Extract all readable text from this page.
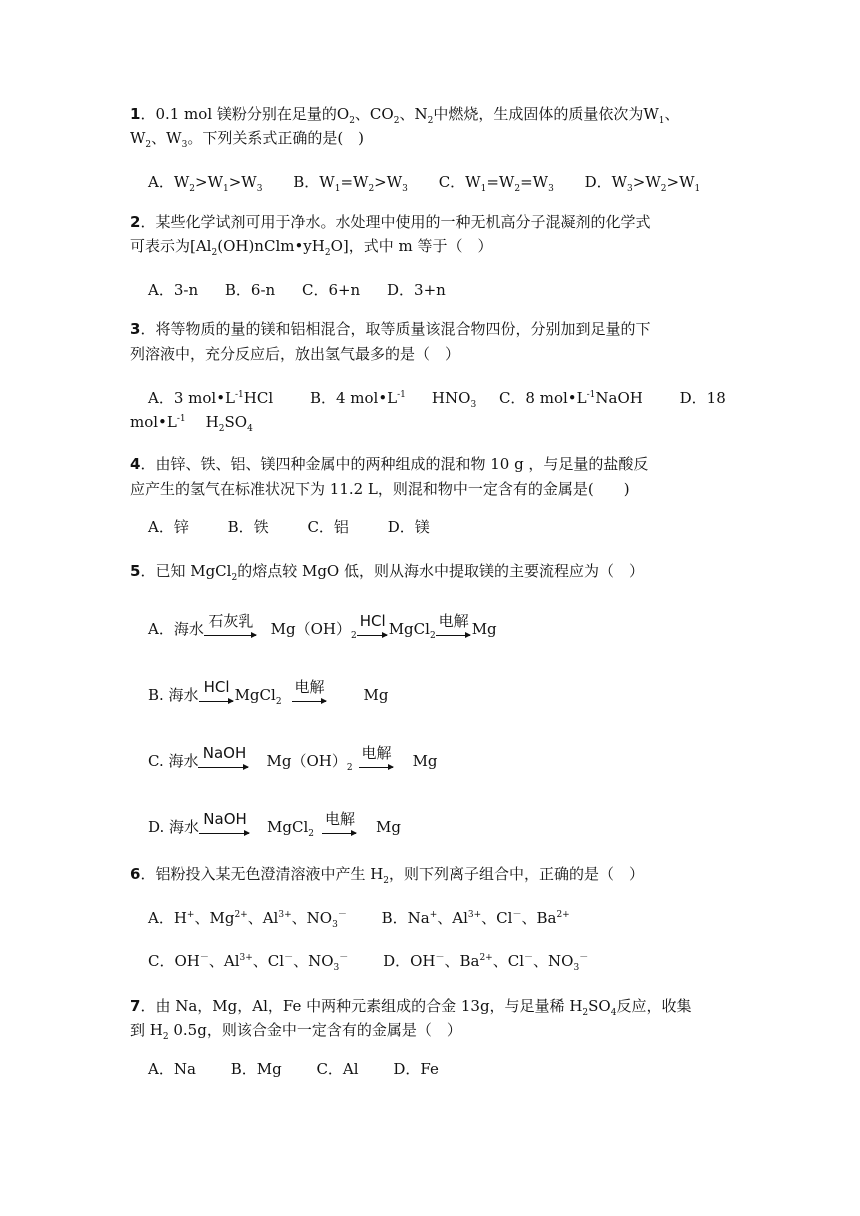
1．0.1 mol 镁粉分别在足量的$O_2$、$CO_2$、$N_2$中燃烧，生成固体的质量依次为$W_1$、
$W_2$、$W_3$。下列关系式正确的是(　)
A．$W_2>W_1>W_3$ B．$W_1=W_2>W_3$ C．$W_1=W_2=W_3$ D．$W_3>W_2>W_1$
2．某些化学试剂可用于净水。水处理中使用的一种无机高分子混凝剂的化学式
可表示为$[Al_2(OH)nClm•yH_2O]$，式中 m 等于（　）
A．3-n B．6-n C．6+n D．3+n
3．将等物质的量的镁和铝相混合，取等质量该混合物四份，分别加到足量的下
列溶液中，充分反应后，放出氢气最多的是（　）
A．3 $mol•L^{-1}HCl$ B．4 $mol•L^{-1}$ $HNO_3$ C．8 $mol•L^{-1}NaOH$ D．18
$mol•L^{-1}$ $H_2SO_4$
4．由锌、铁、铝、镁四种金属中的两种组成的混和物 10 g ，与足量的盐酸反
应产生的氢气在标准状况下为 11.2 L，则混和物中一定含有的金属是(　　)
A．锌	B．铁	C．铝	D．镁
5．已知 MgCl$_2$的熔点较 MgO 低，则从海水中提取镁的主要流程应为（　）
A．海水 石灰乳	$Mg(OH)_2$
HCl MgCl$_2$
电解 Mg
B. 海水 HCl MgCl$_2$
电解	Mg
C. 海水 NaOH $Mg(OH)_2$
电解 Mg
D. 海水 NaOH MgCl$_2$
电解 Mg
6．铝粉投入某无色澄清溶液中产生 $H_2$，则下列离子组合中，正确的是（　）
A．H+、$Mg^{2+}$、$Al^{3+}$、$NO_3^-$ B．Na+、$Al^{3+}$、Cl－、$Ba^{2+}$
C．OH－、$Al^{3+}$、Cl－、$NO_3^-$ D．OH－、$Ba^{2+}$、Cl－、$NO_3^-$
7．由 Na，Mg，Al，Fe 中两种元素组成的合金 13g，与足量稀 $H_2SO_4$反应，收集
到 $H_2$ 0.5g，则该合金中一定含有的金属是（　）
A．Na B．Mg C．Al D．Fe
